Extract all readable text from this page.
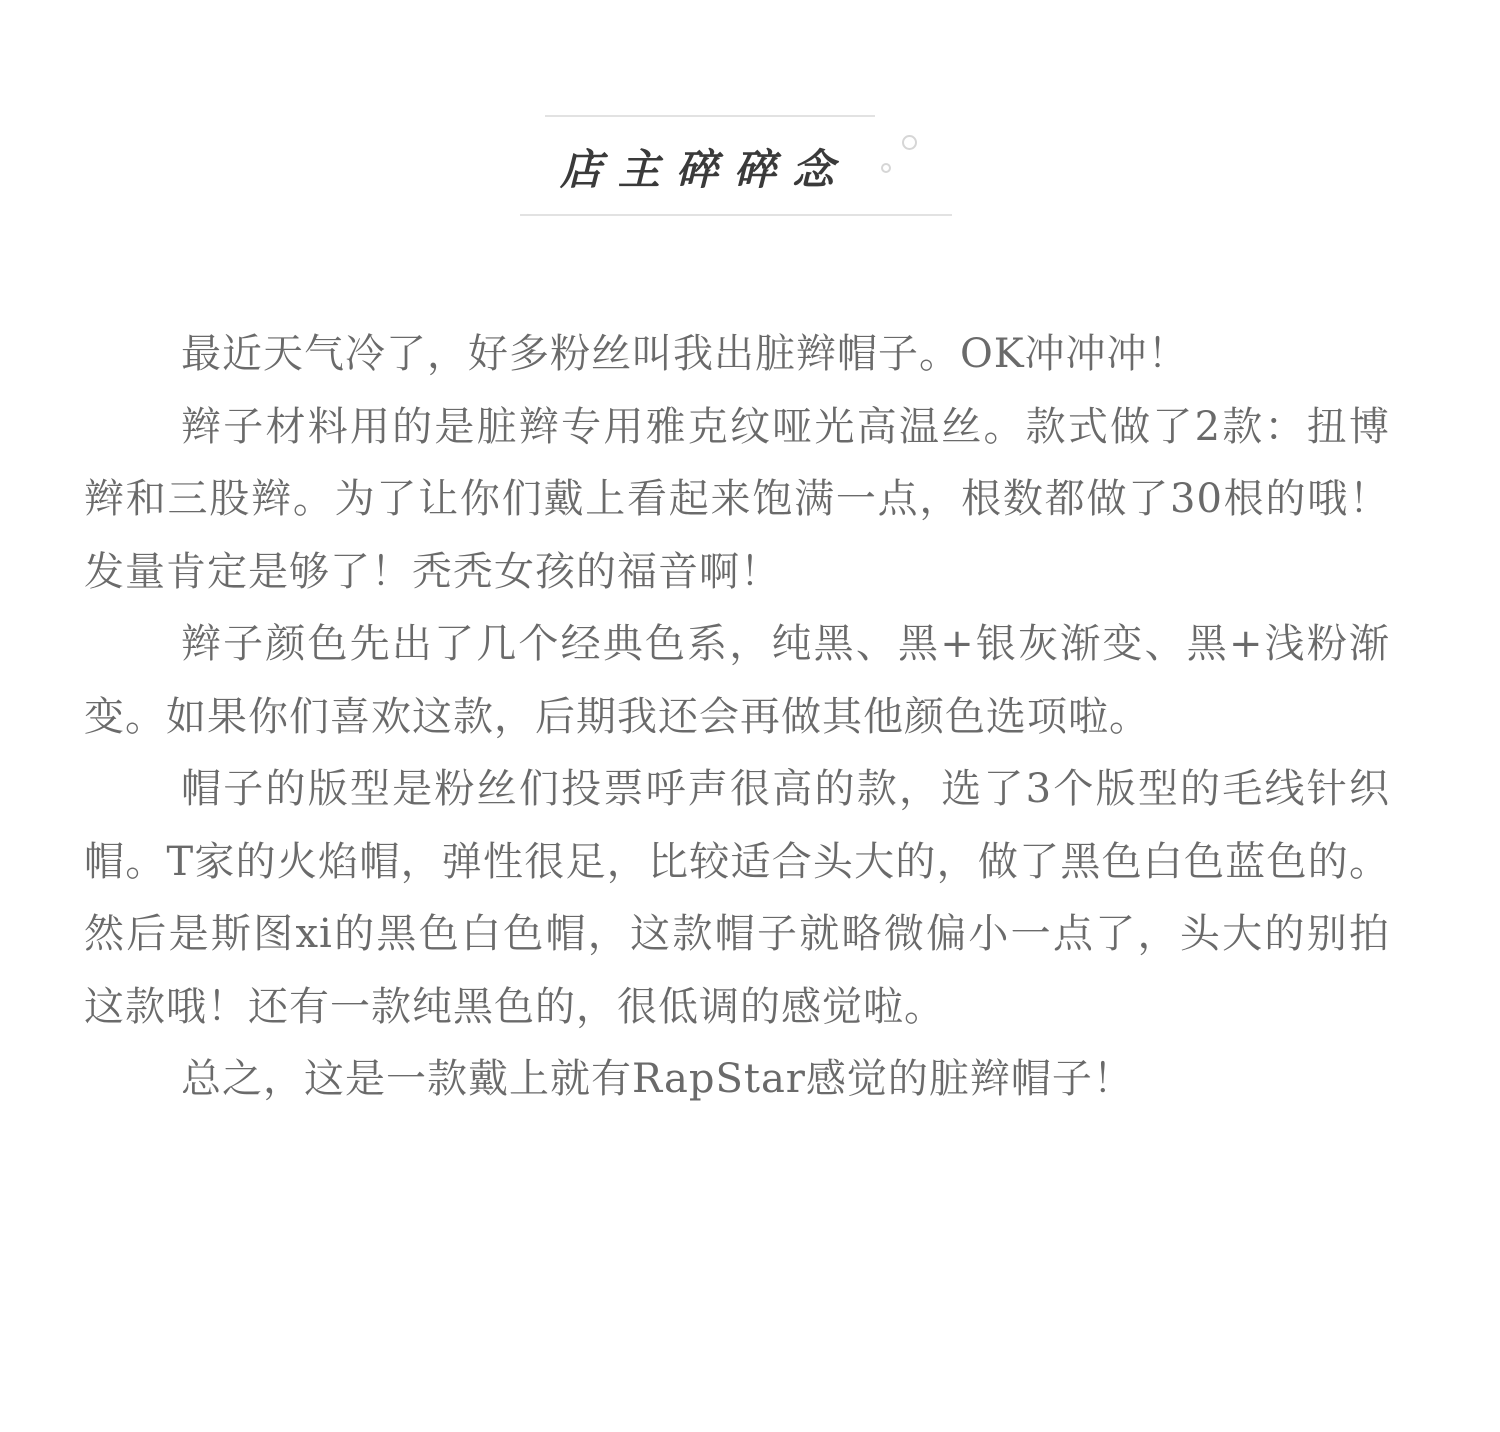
店主碎碎念

最近天气冷了，好多粉丝叫我出脏辫帽子。OK冲冲冲！

辫子材料用的是脏辫专用雅克纹哑光高温丝。款式做了2款：扭博辫和三股辫。为了让你们戴上看起来饱满一点，根数都做了30根的哦！发量肯定是够了！秃秃女孩的福音啊！

辫子颜色先出了几个经典色系，纯黑、黑+银灰渐变、黑+浅粉渐变。如果你们喜欢这款，后期我还会再做其他颜色选项啦。

帽子的版型是粉丝们投票呼声很高的款，选了3个版型的毛线针织帽。T家的火焰帽，弹性很足，比较适合头大的，做了黑色白色蓝色的。然后是斯图xi的黑色白色帽，这款帽子就略微偏小一点了，头大的别拍这款哦！还有一款纯黑色的，很低调的感觉啦。

总之，这是一款戴上就有RapStar感觉的脏辫帽子！
